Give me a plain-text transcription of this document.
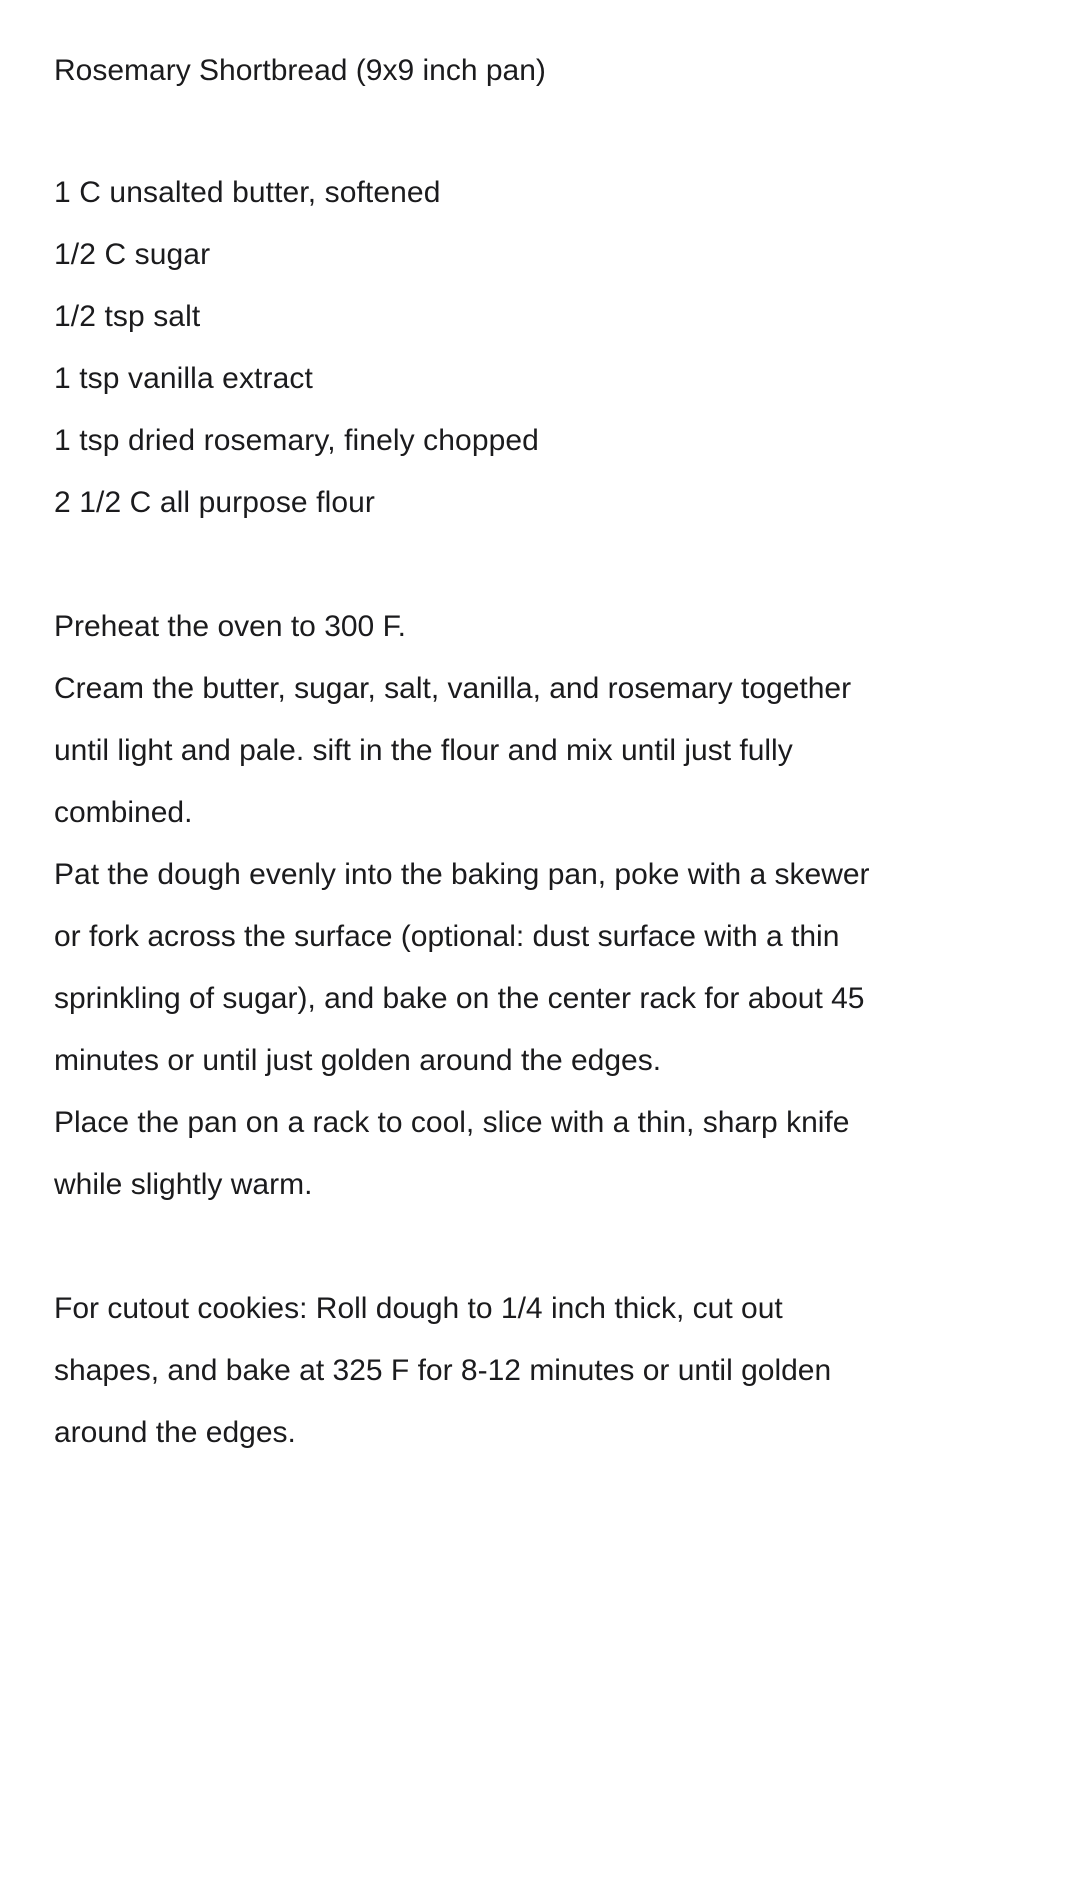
Rosemary Shortbread (9x9 inch pan)
1 C unsalted butter, softened
1/2 C sugar
1/2 tsp salt
1 tsp vanilla extract
1 tsp dried rosemary, finely chopped
2 1/2 C all purpose flour
Preheat the oven to 300 F.
Cream the butter, sugar, salt, vanilla, and rosemary together until light and pale. sift in the flour and mix until just fully combined.
Pat the dough evenly into the baking pan, poke with a skewer or fork across the surface (optional: dust surface with a thin sprinkling of sugar), and bake on the center rack for about 45 minutes or until just golden around the edges.
Place the pan on a rack to cool, slice with a thin, sharp knife while slightly warm.
For cutout cookies: Roll dough to 1/4 inch thick, cut out shapes, and bake at 325 F for 8-12 minutes or until golden around the edges.
